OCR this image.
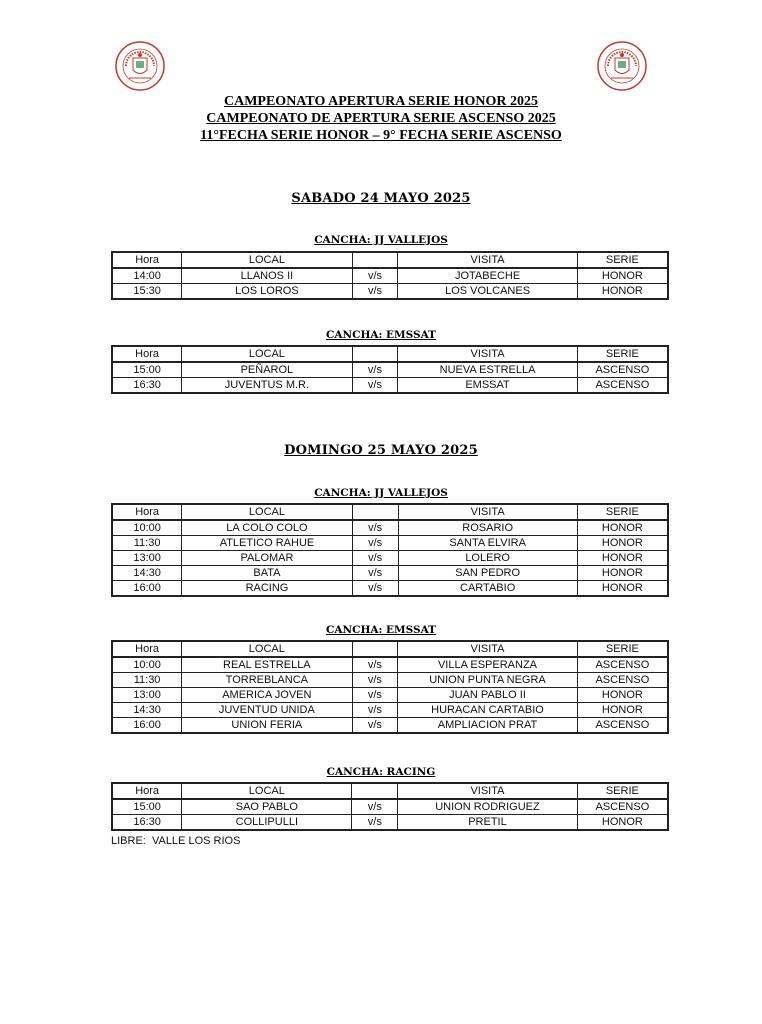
CAMPEONATO APERTURA SERIE HONOR 2025
CAMPEONATO DE APERTURA SERIE ASCENSO 2025
11°FECHA SERIE HONOR – 9° FECHA SERIE ASCENSO
SABADO 24 MAYO 2025
CANCHA: JJ VALLEJOS
Hora	LOCAL		VISITA	SERIE
14:00	LLANOS II	v/s	JOTABECHE	HONOR
15:30	LOS LOROS	v/s	LOS VOLCANES	HONOR
CANCHA: EMSSAT
Hora	LOCAL		VISITA	SERIE
15:00	PEÑAROL	v/s	NUEVA ESTRELLA	ASCENSO
16:30	JUVENTUS M.R.	v/s	EMSSAT	ASCENSO
DOMINGO 25 MAYO 2025
CANCHA: JJ VALLEJOS
Hora	LOCAL		VISITA	SERIE
10:00	LA COLO COLO	v/s	ROSARIO	HONOR
11:30	ATLETICO RAHUE	v/s	SANTA ELVIRA	HONOR
13:00	PALOMAR	v/s	LOLERO	HONOR
14:30	BATA	v/s	SAN PEDRO	HONOR
16:00	RACING	v/s	CARTABIO	HONOR
CANCHA: EMSSAT
Hora	LOCAL		VISITA	SERIE
10:00	REAL ESTRELLA	v/s	VILLA ESPERANZA	ASCENSO
11:30	TORREBLANCA	v/s	UNION PUNTA NEGRA	ASCENSO
13:00	AMERICA JOVEN	v/s	JUAN PABLO II	HONOR
14:30	JUVENTUD UNIDA	v/s	HURACAN CARTABIO	HONOR
16:00	UNION FERIA	v/s	AMPLIACION PRAT	ASCENSO
CANCHA: RACING
Hora	LOCAL		VISITA	SERIE
15:00	SAO PABLO	v/s	UNION RODRIGUEZ	ASCENSO
16:30	COLLIPULLI	v/s	PRETIL	HONOR
LIBRE:  VALLE LOS RIOS
